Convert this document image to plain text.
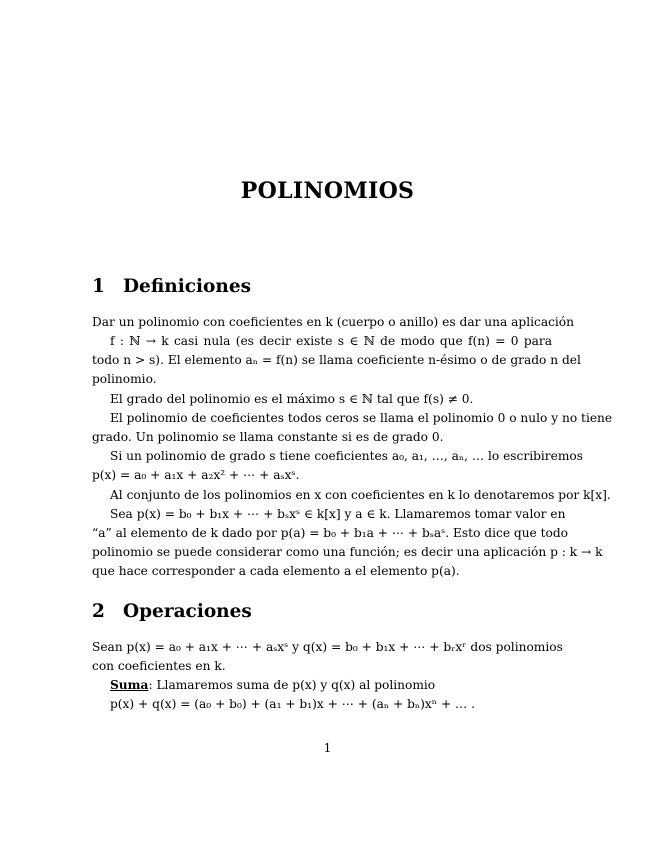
POLINOMIOS
1 Definiciones
Dar un polinomio con coeficientes en k (cuerpo o anillo) es dar una aplicación
f : ℕ → k casi nula (es decir existe s ∈ ℕ de modo que f(n) = 0 para
todo n > s). El elemento aₙ = f(n) se llama coeficiente n-ésimo o de grado n del
polinomio.
El grado del polinomio es el máximo s ∈ ℕ tal que f(s) ≠ 0.
El polinomio de coeficientes todos ceros se llama el polinomio 0 o nulo y no tiene
grado. Un polinomio se llama constante si es de grado 0.
Si un polinomio de grado s tiene coeficientes a₀, a₁, …, aₙ, … lo escribiremos
p(x) = a₀ + a₁x + a₂x² + ⋯ + aₛxˢ.
Al conjunto de los polinomios en x con coeficientes en k lo denotaremos por k[x].
Sea p(x) = b₀ + b₁x + ⋯ + bₛxˢ ∈ k[x] y a ∈ k. Llamaremos tomar valor en
“a” al elemento de k dado por p(a) = b₀ + b₁a + ⋯ + bₛaˢ. Esto dice que todo
polinomio se puede considerar como una función; es decir una aplicación p : k → k
que hace corresponder a cada elemento a el elemento p(a).
2 Operaciones
Sean p(x) = a₀ + a₁x + ⋯ + aₛxˢ y q(x) = b₀ + b₁x + ⋯ + bᵣxʳ dos polinomios
con coeficientes en k.
Suma: Llamaremos suma de p(x) y q(x) al polinomio
p(x) + q(x) = (a₀ + b₀) + (a₁ + b₁)x + ⋯ + (aₙ + bₙ)xⁿ + … .
1
